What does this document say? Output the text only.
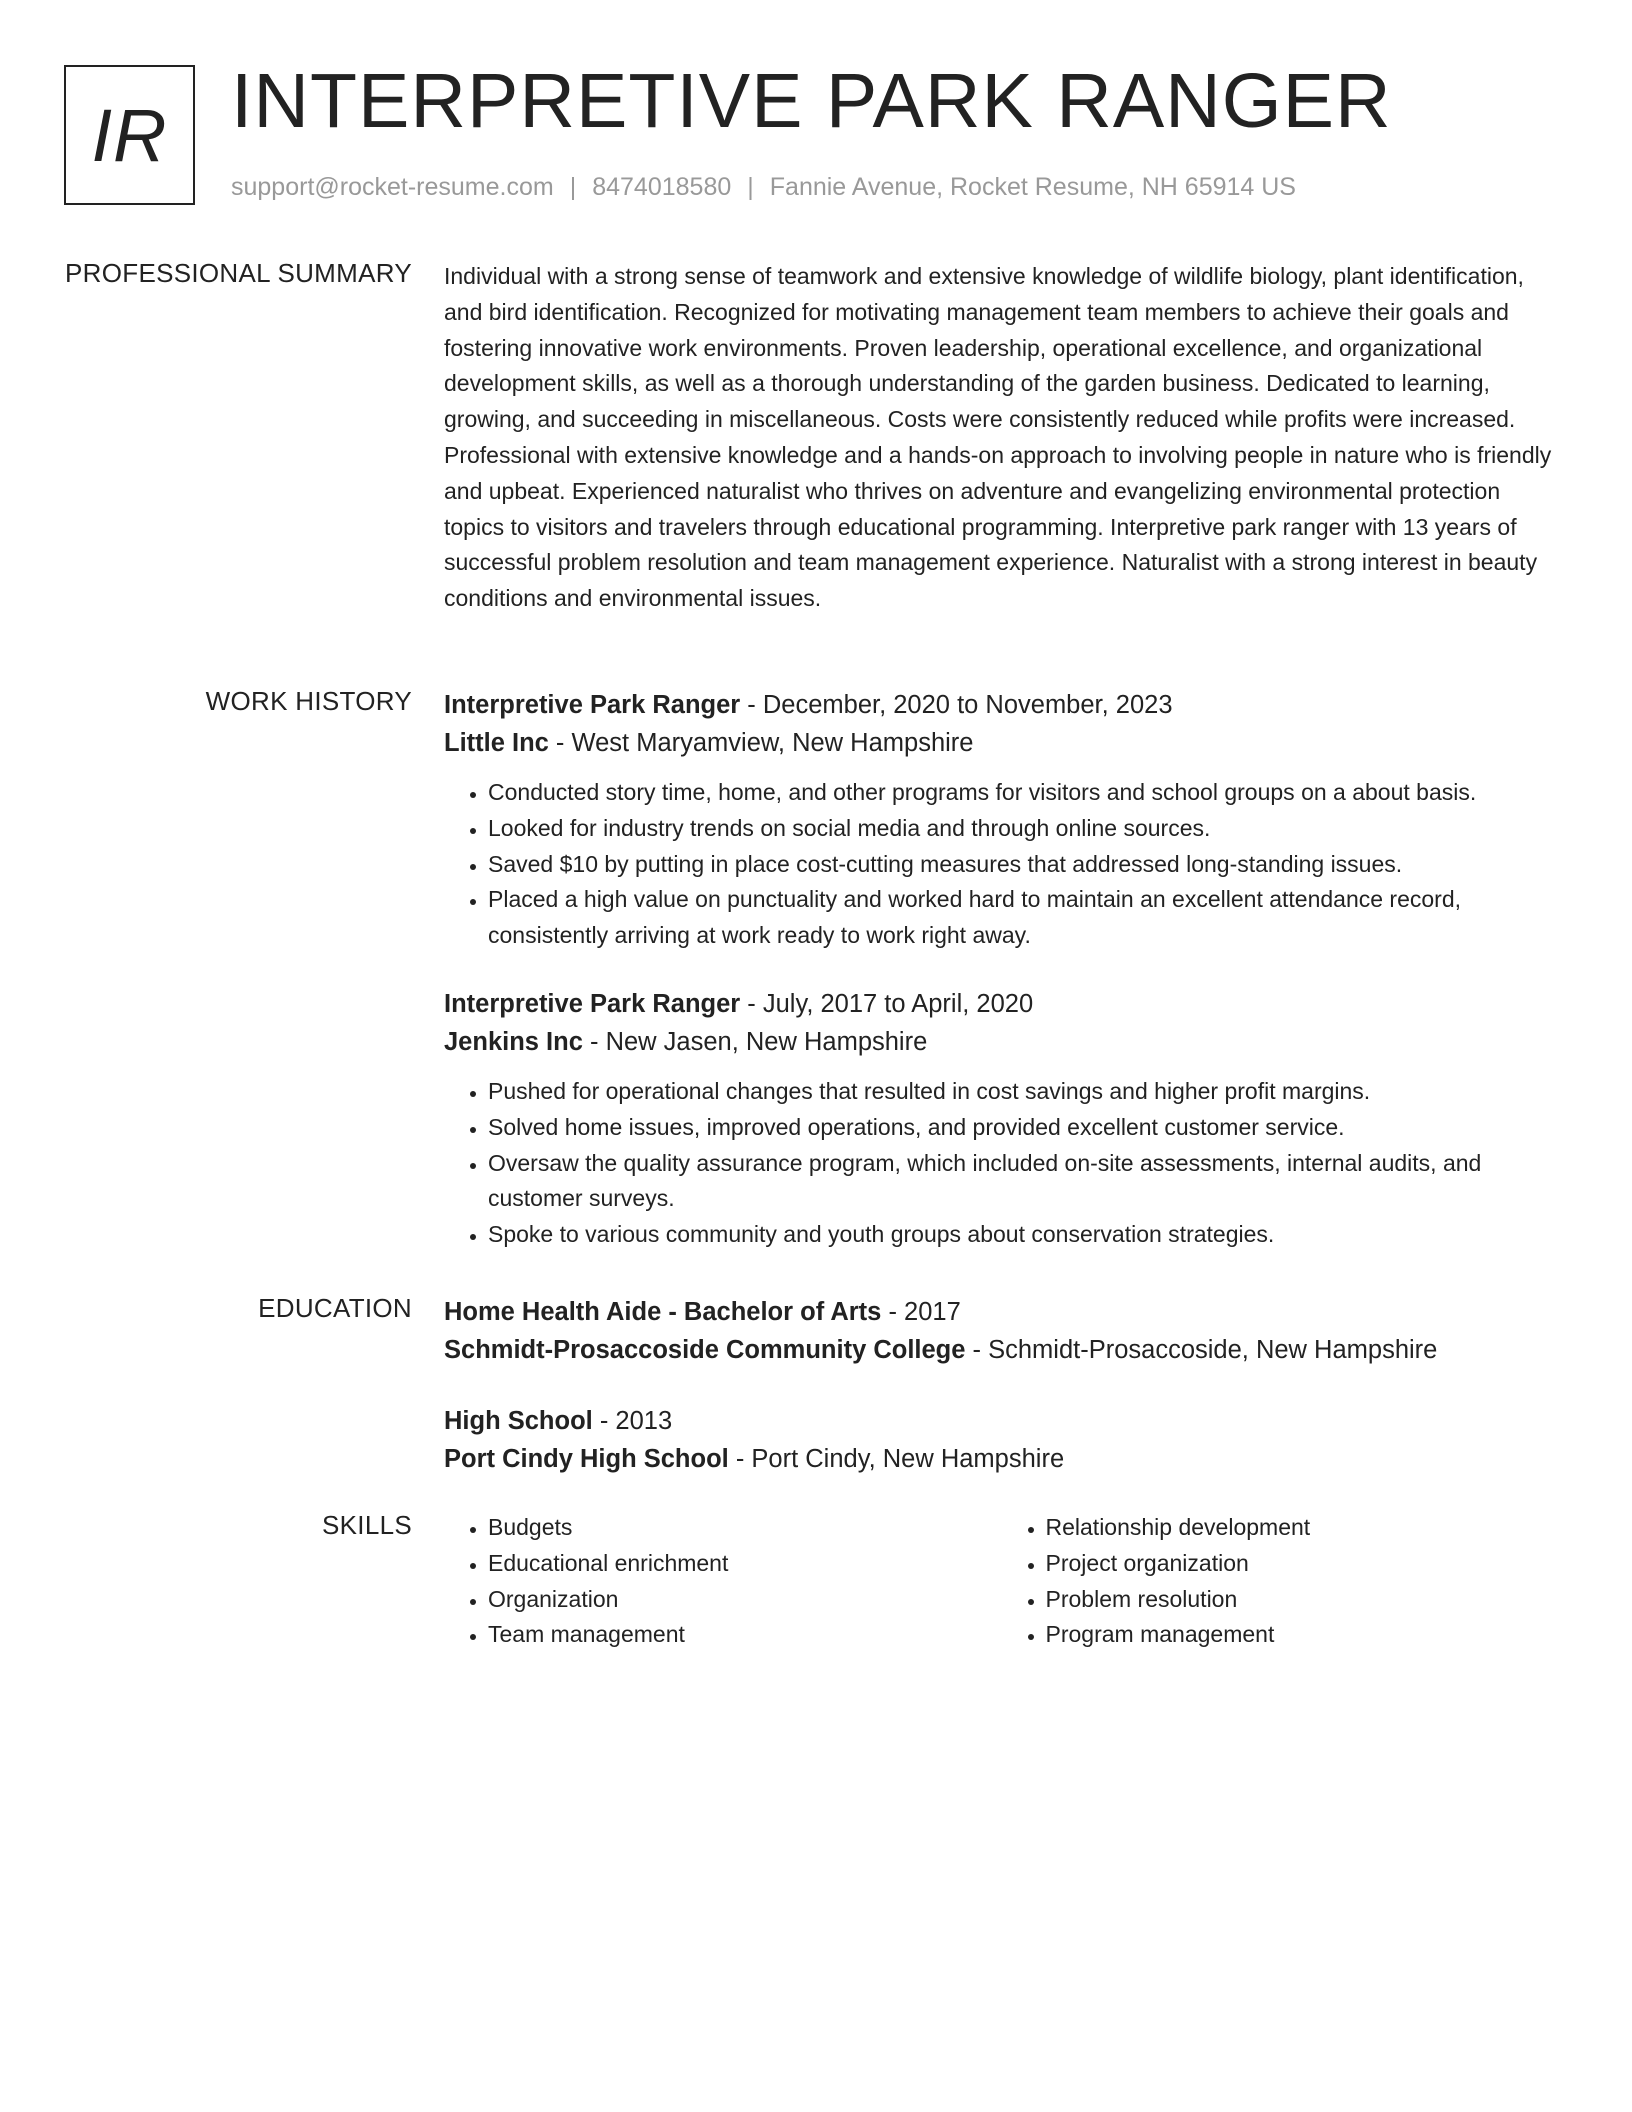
IR INTERPRETIVE PARK RANGER
support@rocket-resume.com | 8474018580 | Fannie Avenue, Rocket Resume, NH 65914 US
PROFESSIONAL SUMMARY Individual with a strong sense of teamwork and extensive knowledge of wildlife biology, plant identification, and bird identification. Recognized for motivating management team members to achieve their goals and fostering innovative work environments. Proven leadership, operational excellence, and organizational development skills, as well as a thorough understanding of the garden business. Dedicated to learning, growing, and succeeding in miscellaneous. Costs were consistently reduced while profits were increased. Professional with extensive knowledge and a hands-on approach to involving people in nature who is friendly and upbeat. Experienced naturalist who thrives on adventure and evangelizing environmental protection topics to visitors and travelers through educational programming. Interpretive park ranger with 13 years of successful problem resolution and team management experience. Naturalist with a strong interest in beauty conditions and environmental issues.

WORK HISTORY Interpretive Park Ranger - December, 2020 to November, 2023
Little Inc - West Maryamview, New Hampshire
• Conducted story time, home, and other programs for visitors and school groups on a about basis.
• Looked for industry trends on social media and through online sources.
• Saved $10 by putting in place cost-cutting measures that addressed long-standing issues.
• Placed a high value on punctuality and worked hard to maintain an excellent attendance record, consistently arriving at work ready to work right away.
Interpretive Park Ranger - July, 2017 to April, 2020
Jenkins Inc - New Jasen, New Hampshire
• Pushed for operational changes that resulted in cost savings and higher profit margins.
• Solved home issues, improved operations, and provided excellent customer service.
• Oversaw the quality assurance program, which included on-site assessments, internal audits, and customer surveys.
• Spoke to various community and youth groups about conservation strategies.
EDUCATION Home Health Aide - Bachelor of Arts - 2017
Schmidt-Prosaccoside Community College - Schmidt-Prosaccoside, New Hampshire
High School - 2013
Port Cindy High School - Port Cindy, New Hampshire
SKILLS
•	Budgets
• Educational enrichment
• Organization
• Team management
• Relationship development
• Project organization
• Problem resolution
• Program management
